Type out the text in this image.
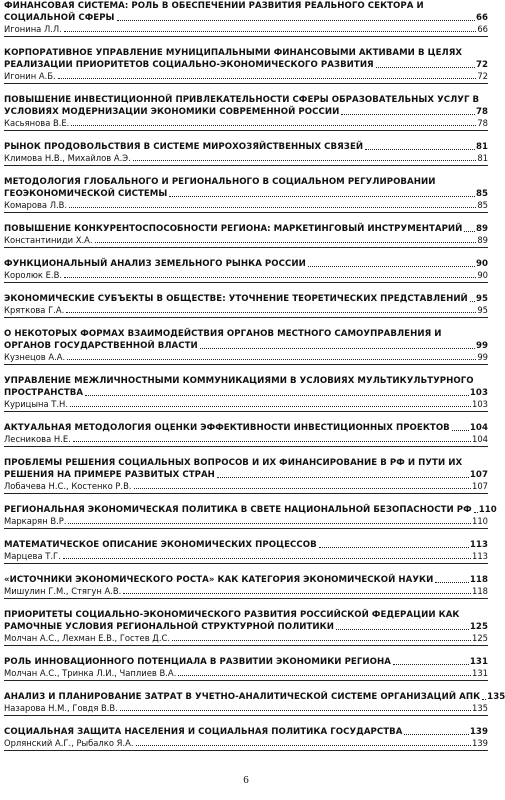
ФИНАНСОВАЯ СИСТЕМА: РОЛЬ В ОБЕСПЕЧЕНИИ РАЗВИТИЯ РЕАЛЬНОГО СЕКТОРА И
СОЦИАЛЬНОЙ СФЕРЫ	66
Игонина Л.Л.	66
КОРПОРАТИВНОЕ УПРАВЛЕНИЕ МУНИЦИПАЛЬНЫМИ ФИНАНСОВЫМИ АКТИВАМИ В ЦЕЛЯХ
РЕАЛИЗАЦИИ ПРИОРИТЕТОВ СОЦИАЛЬНО-ЭКОНОМИЧЕСКОГО РАЗВИТИЯ	72
Игонин А.Б.	72
ПОВЫШЕНИЕ ИНВЕСТИЦИОННОЙ ПРИВЛЕКАТЕЛЬНОСТИ СФЕРЫ ОБРАЗОВАТЕЛЬНЫХ УСЛУГ В
УСЛОВИЯХ МОДЕРНИЗАЦИИ ЭКОНОМИКИ СОВРЕМЕННОЙ РОССИИ	78
Касьянова В.Е.	78
РЫНОК ПРОДОВОЛЬСТВИЯ В СИСТЕМЕ МИРОХОЗЯЙСТВЕННЫХ СВЯЗЕЙ	81
Климова Н.В., Михайлов А.Э.	81
МЕТОДОЛОГИЯ ГЛОБАЛЬНОГО И РЕГИОНАЛЬНОГО В СОЦИАЛЬНОМ РЕГУЛИРОВАНИИ
ГЕОЭКОНОМИЧЕСКОЙ СИСТЕМЫ	85
Комарова Л.В.	85
ПОВЫШЕНИЕ КОНКУРЕНТОСПОСОБНОСТИ РЕГИОНА: МАРКЕТИНГОВЫЙ ИНСТРУМЕНТАРИЙ 89
Константиниди Х.А.	89
ФУНКЦИОНАЛЬНЫЙ АНАЛИЗ ЗЕМЕЛЬНОГО РЫНКА РОССИИ	90
Королюк Е.В.	90
ЭКОНОМИЧЕСКИЕ СУБЪЕКТЫ В ОБЩЕСТВЕ: УТОЧНЕНИЕ ТЕОРЕТИЧЕСКИХ ПРЕДСТАВЛЕНИЙ 95
Кряткова Г.А.	95
О НЕКОТОРЫХ ФОРМАХ ВЗАИМОДЕЙСТВИЯ ОРГАНОВ МЕСТНОГО САМОУПРАВЛЕНИЯ И
ОРГАНОВ ГОСУДАРСТВЕННОЙ ВЛАСТИ	99
Кузнецов А.А.	99
УПРАВЛЕНИЕ МЕЖЛИЧНОСТНЫМИ КОММУНИКАЦИЯМИ В УСЛОВИЯХ МУЛЬТИКУЛЬТУРНОГО
ПРОСТРАНСТВА	103
Курицына Т.Н.	103
АКТУАЛЬНАЯ МЕТОДОЛОГИЯ ОЦЕНКИ ЭФФЕКТИВНОСТИ ИНВЕСТИЦИОННЫХ ПРОЕКТОВ 104
Лесникова Н.Е.	104
ПРОБЛЕМЫ РЕШЕНИЯ СОЦИАЛЬНЫХ ВОПРОСОВ И ИХ ФИНАНСИРОВАНИЕ В РФ И ПУТИ ИХ
РЕШЕНИЯ НА ПРИМЕРЕ РАЗВИТЫХ СТРАН	107
Лобачева Н.С., Костенко Р.В.	107
РЕГИОНАЛЬНАЯ ЭКОНОМИЧЕСКАЯ ПОЛИТИКА В СВЕТЕ НАЦИОНАЛЬНОЙ БЕЗОПАСНОСТИ РФ 110
Маркарян В.Р.	110
МАТЕМАТИЧЕСКОЕ ОПИСАНИЕ ЭКОНОМИЧЕСКИХ ПРОЦЕССОВ	113
Марцева Т.Г.	113
«ИСТОЧНИКИ ЭКОНОМИЧЕСКОГО РОСТА» КАК КАТЕГОРИЯ ЭКОНОМИЧЕСКОЙ НАУКИ	118
Мишулин Г.М., Стягун А.В.	118
ПРИОРИТЕТЫ СОЦИАЛЬНО-ЭКОНОМИЧЕСКОГО РАЗВИТИЯ РОССИЙСКОЙ ФЕДЕРАЦИИ КАК
РАМОЧНЫЕ УСЛОВИЯ РЕГИОНАЛЬНОЙ СТРУКТУРНОЙ ПОЛИТИКИ	125
Молчан А.С., Лехман Е.В., Гостев Д.С.	125
РОЛЬ ИННОВАЦИОННОГО ПОТЕНЦИАЛА В РАЗВИТИИ ЭКОНОМИКИ РЕГИОНА	131
Молчан А.С., Тринка Л.И., Чаплиев В.А.	131
АНАЛИЗ И ПЛАНИРОВАНИЕ ЗАТРАТ В УЧЕТНО-АНАЛИТИЧЕСКОЙ СИСТЕМЕ ОРГАНИЗАЦИЙ АПК 135
Назарова Н.М., Говдя В.В.	135
СОЦИАЛЬНАЯ ЗАЩИТА НАСЕЛЕНИЯ И СОЦИАЛЬНАЯ ПОЛИТИКА ГОСУДАРСТВА	139
Орлянский А.Г., Рыбалко Я.А.	139
6
